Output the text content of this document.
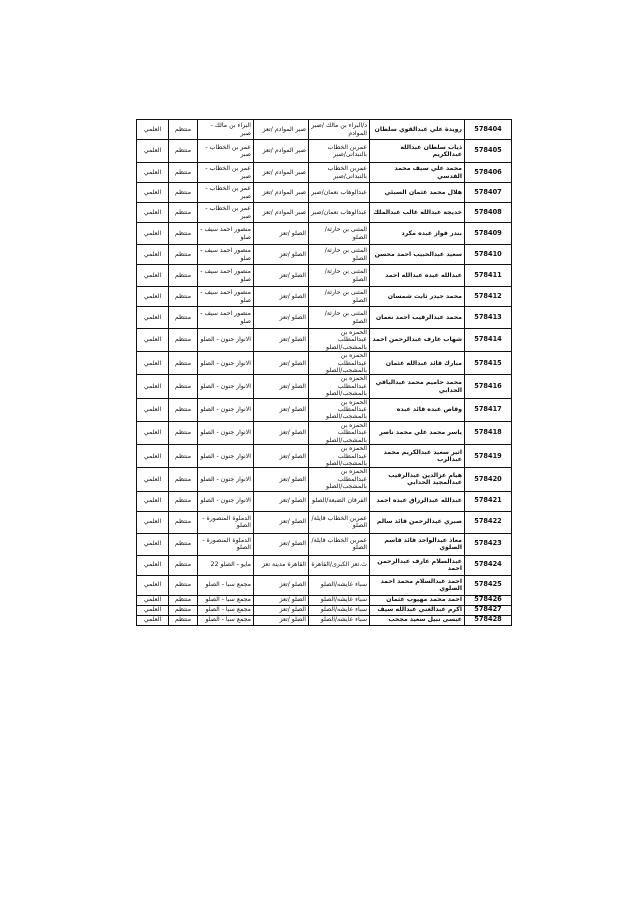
العلمي	منتظم	البراء بن مالك - صبر	صبر الموادم /تعز	د/البراء بن مالك /صبر الموادم	رويدة علي عبدالقوي سلطان	578404
العلمي	منتظم	عمر بن الخطاب - صبر	صبر الموادم /تعز	عمربن الخطاب بالنبدانى/صبر	ذياب سلطان عبدالله عبدالكريم	578405
العلمي	منتظم	عمر بن الخطاب - صبر	صبر الموادم /تعز	عمربن الخطاب بالنبدانى/صبر	محمد علي سيف محمد القدسي	578406
العلمي	منتظم	عمر بن الخطاب - صبر	صبر الموادم /تعز	عبدالوهاب نعمان/صبر	هلال محمد عثمان السبئي	578407
العلمي	منتظم	عمر بن الخطاب - صبر	صبر الموادم /تعز	عبدالوهاب نعمان/صبر	خديجة عبدالله غالب عبدالملك	578408
العلمي	منتظم	منصور احمد سيف - صلو	الصلو /تعز	المثنى بن حارثة/الصلو	بندر فواز عبده مكرد	578409
العلمي	منتظم	منصور احمد سيف - صلو	الصلو /تعز	المثنى بن حارثة/الصلو	سعيد عبدالحبيب احمد محسن	578410
العلمي	منتظم	منصور احمد سيف - صلو	الصلو /تعز	المثنى بن حارثة/الصلو	عبدالله عبده عبدالله احمد	578411
العلمي	منتظم	منصور احمد سيف - صلو	الصلو /تعز	المثنى بن حارثة/الصلو	محمد حيدر ثابت شمسان	578412
العلمي	منتظم	منصور احمد سيف - صلو	الصلو /تعز	المثنى بن حارثة/الصلو	محمد عبدالرقيب احمد نعمان	578413
العلمي	منتظم	الانوار جنون - الصلو	الصلو /تعز	الحمزه بن عبدالمطلب بالمشجب/الصلو	شهاب عارف عبدالرحمن احمد	578414
العلمي	منتظم	الانوار جنون - الصلو	الصلو /تعز	الحمزه بن عبدالمطلب بالمشجب/الصلو	مبارك قائد عبدالله عثمان	578415
العلمي	منتظم	الانوار جنون - الصلو	الصلو /تعز	الحمزه بن عبدالمطلب بالمشجب/الصلو	محمد حاميم محمد عبدالباقي الحدابي	578416
العلمي	منتظم	الانوار جنون - الصلو	الصلو /تعز	الحمزه بن عبدالمطلب بالمشجب/الصلو	وقاص عبده قائد عبده	578417
العلمي	منتظم	الانوار جنون - الصلو	الصلو /تعز	الحمزه بن عبدالمطلب بالمشجب/الصلو	ياسر محمد علي محمد ناصر	578418
العلمي	منتظم	الانوار جنون - الصلو	الصلو /تعز	الحمزه بن عبدالمطلب بالمشجب/الصلو	اثير سعيد عبدالكريم محمد عبدالرب	578419
العلمي	منتظم	الانوار جنون - الصلو	الصلو /تعز	الحمزه بن عبدالمطلب بالمشجب/الصلو	هيام عزالدين عبدالرقيب عبدالمجيد الحدابي	578420
العلمي	منتظم	الانوار جنون - الصلو	الصلو /تعز	الفرقان الضبعة/الصلو	عبدالله عبدالرزاق عبده احمد	578421
العلمي	منتظم	الدملوة المنصورة - الصلو	الصلو /تعز	عمربن الخطاب قايلة/الصلو	صبري عبدالرحمن قائد سالم	578422
العلمي	منتظم	الدملوة المنصورة - الصلو	الصلو /تعز	عمربن الخطاب قايلة/الصلو	معاذ عبدالواحد قائد قاسم الصلوي	578423
العلمي	منتظم	مايو - الصلو 22	القاهرة مدينة تعز	ث.تعز الكبرى/القاهرة	عبدالسلام عارف عبدالرحمن احمد	578424
العلمي	منتظم	مجمع سبا - الصلو	الصلو /تعز	سباء عايشه/الصلو	احمد عبدالسلام محمد احمد الصلوي	578425
العلمي	منتظم	مجمع سبا - الصلو	الصلو /تعز	سباء عايشه/الصلو	احمد محمد مهيوب عثمان	578426
العلمي	منتظم	مجمع سبا - الصلو	الصلو /تعز	سباء عايشه/الصلو	اكرم عبدالغني عبدالله سيف	578427
العلمي	منتظم	مجمع سبا - الصلو	الصلو /تعز	سباء عايشه/الصلو	عيسى نبيل سعيد مجحب	578428
